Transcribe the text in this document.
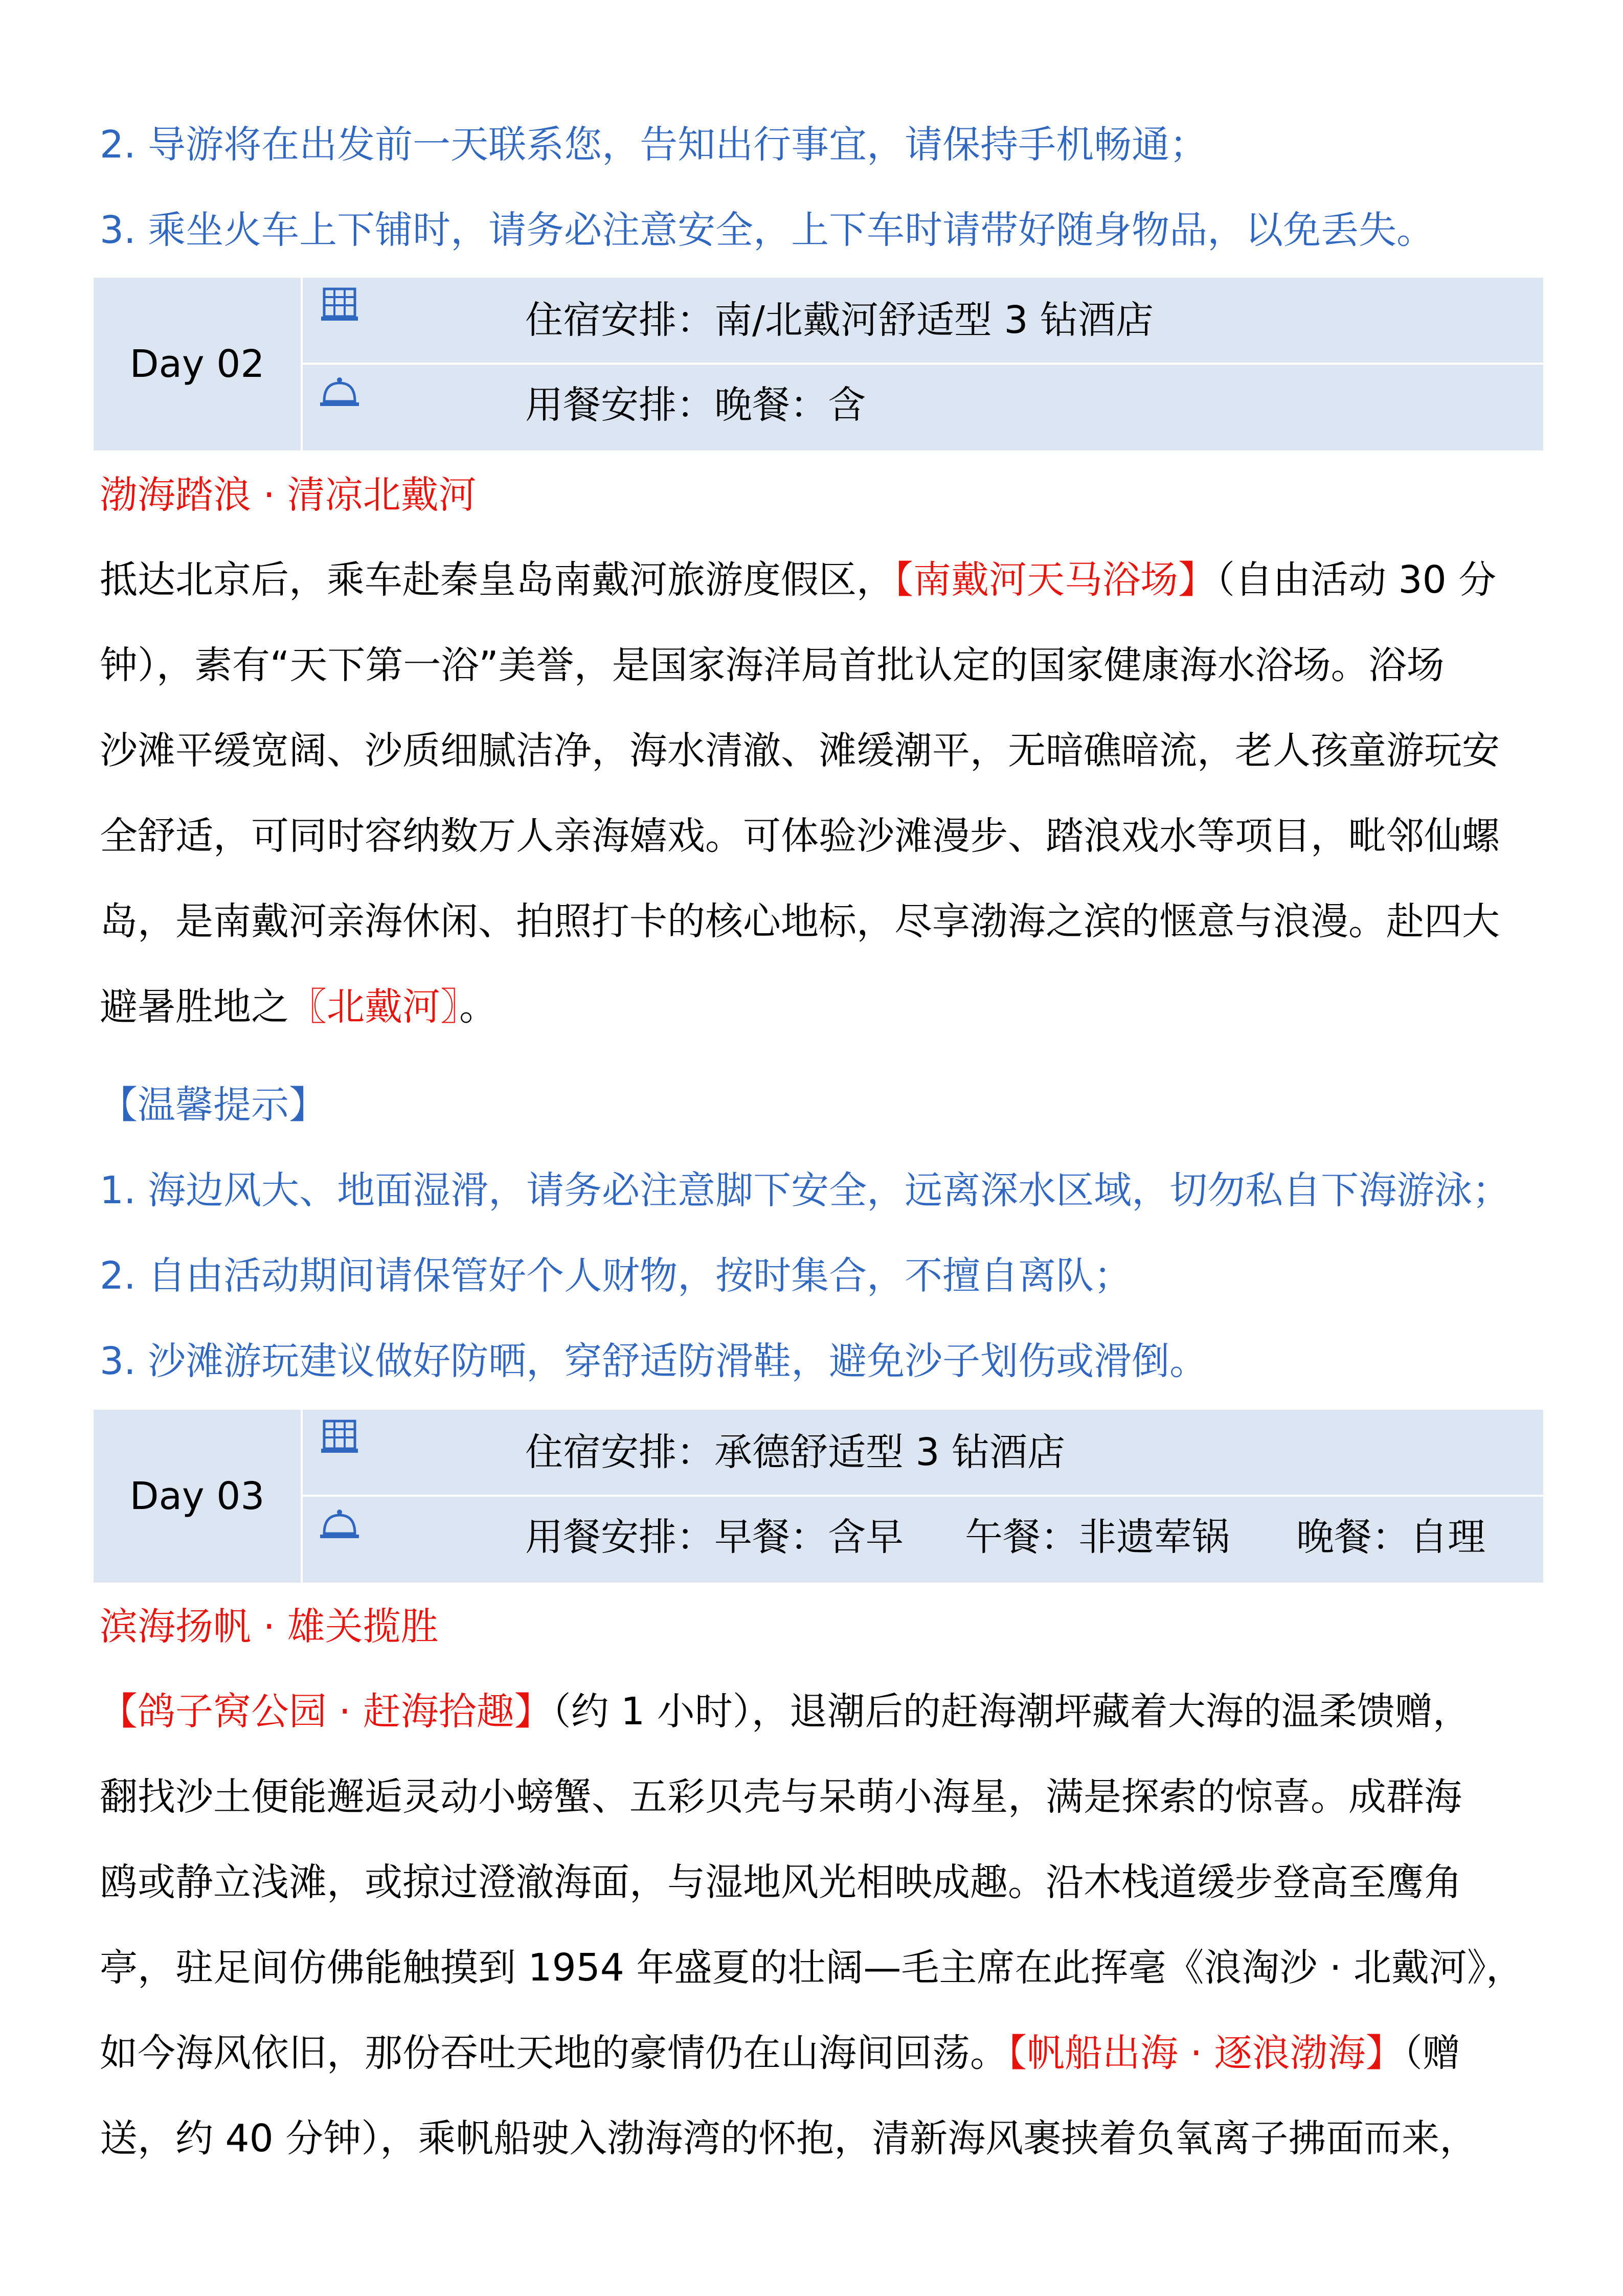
2. 导游将在出发前一天联系您，告知出行事宜，请保持手机畅通；
3. 乘坐火车上下铺时，请务必注意安全，上下车时请带好随身物品，以免丢失。
Day 02
住宿安排：南/北戴河舒适型 3 钻酒店
用餐安排：晚餐：含
渤海踏浪 · 清凉北戴河
抵达北京后，乘车赴秦皇岛南戴河旅游度假区，【南戴河天马浴场】（自由活动 30 分
钟），素有“天下第一浴”美誉，是国家海洋局首批认定的国家健康海水浴场。浴场
沙滩平缓宽阔、沙质细腻洁净，海水清澈、滩缓潮平，无暗礁暗流，老人孩童游玩安
全舒适，可同时容纳数万人亲海嬉戏。可体验沙滩漫步、踏浪戏水等项目，毗邻仙螺
岛，是南戴河亲海休闲、拍照打卡的核心地标，尽享渤海之滨的惬意与浪漫。赴四大
避暑胜地之〖北戴河〗。
【温馨提示】
1. 海边风大、地面湿滑，请务必注意脚下安全，远离深水区域，切勿私自下海游泳；
2. 自由活动期间请保管好个人财物，按时集合，不擅自离队；
3. 沙滩游玩建议做好防晒，穿舒适防滑鞋，避免沙子划伤或滑倒。
Day 03
住宿安排：承德舒适型 3 钻酒店
用餐安排：早餐：含早 午餐：非遗荤锅 晚餐：自理
滨海扬帆 · 雄关揽胜
【鸽子窝公园 · 赶海拾趣】（约 1 小时），退潮后的赶海潮坪藏着大海的温柔馈赠，
翻找沙土便能邂逅灵动小螃蟹、五彩贝壳与呆萌小海星，满是探索的惊喜。成群海
鸥或静立浅滩，或掠过澄澈海面，与湿地风光相映成趣。沿木栈道缓步登高至鹰角
亭，驻足间仿佛能触摸到 1954 年盛夏的壮阔—毛主席在此挥毫《浪淘沙 · 北戴河》，
如今海风依旧，那份吞吐天地的豪情仍在山海间回荡。【帆船出海 · 逐浪渤海】（赠
送，约 40 分钟），乘帆船驶入渤海湾的怀抱，清新海风裹挟着负氧离子拂面而来，
